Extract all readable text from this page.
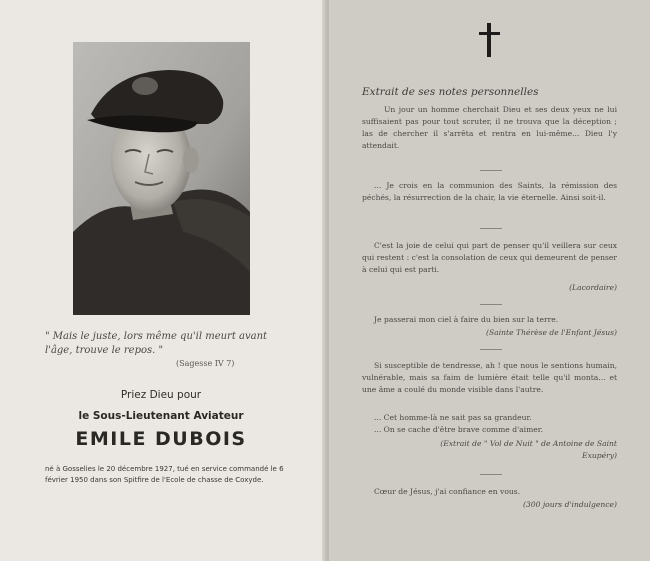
" Mais le juste, lors même qu'il meurt avant l'âge, trouve le repos. "
(Sagesse IV 7)
Priez Dieu pour
le Sous-Lieutenant Aviateur
EMILE DUBOIS
né à Gosselies le 20 décembre 1927, tué en service commandé le 6 février 1950 dans son Spitfire de l'Ecole de chasse de Coxyde.
Extrait de ses notes personnelles
Un jour un homme cherchait Dieu et ses deux yeux ne lui suffisaient pas pour tout scruter, il ne trouva que la déception ; las de chercher il s'arrêta et rentra en lui-même... Dieu l'y attendait.
... Je crois en la communion des Saints, la rémission des péchés, la résurrection de la chair, la vie éternelle. Ainsi soit-il.
C'est la joie de celui qui part de penser qu'il veillera sur ceux qui restent : c'est la consolation de ceux qui demeurent de penser à celui qui est parti.
(Lacordaire)
Je passerai mon ciel à faire du bien sur la terre.
(Sainte Thérèse de l'Enfant Jésus)
Si susceptible de tendresse, ah ! que nous le sentions humain, vulnérable, mais sa faim de lumière était telle qu'il monta... et une âme a coulé du monde visible dans l'autre.
... Cet homme-là ne sait pas sa grandeur.
... On se cache d'être brave comme d'aimer.
(Extrait de " Vol de Nuit " de Antoine de Saint Exupéry)
Cœur de Jésus, j'ai confiance en vous.
(300 jours d'indulgence)
